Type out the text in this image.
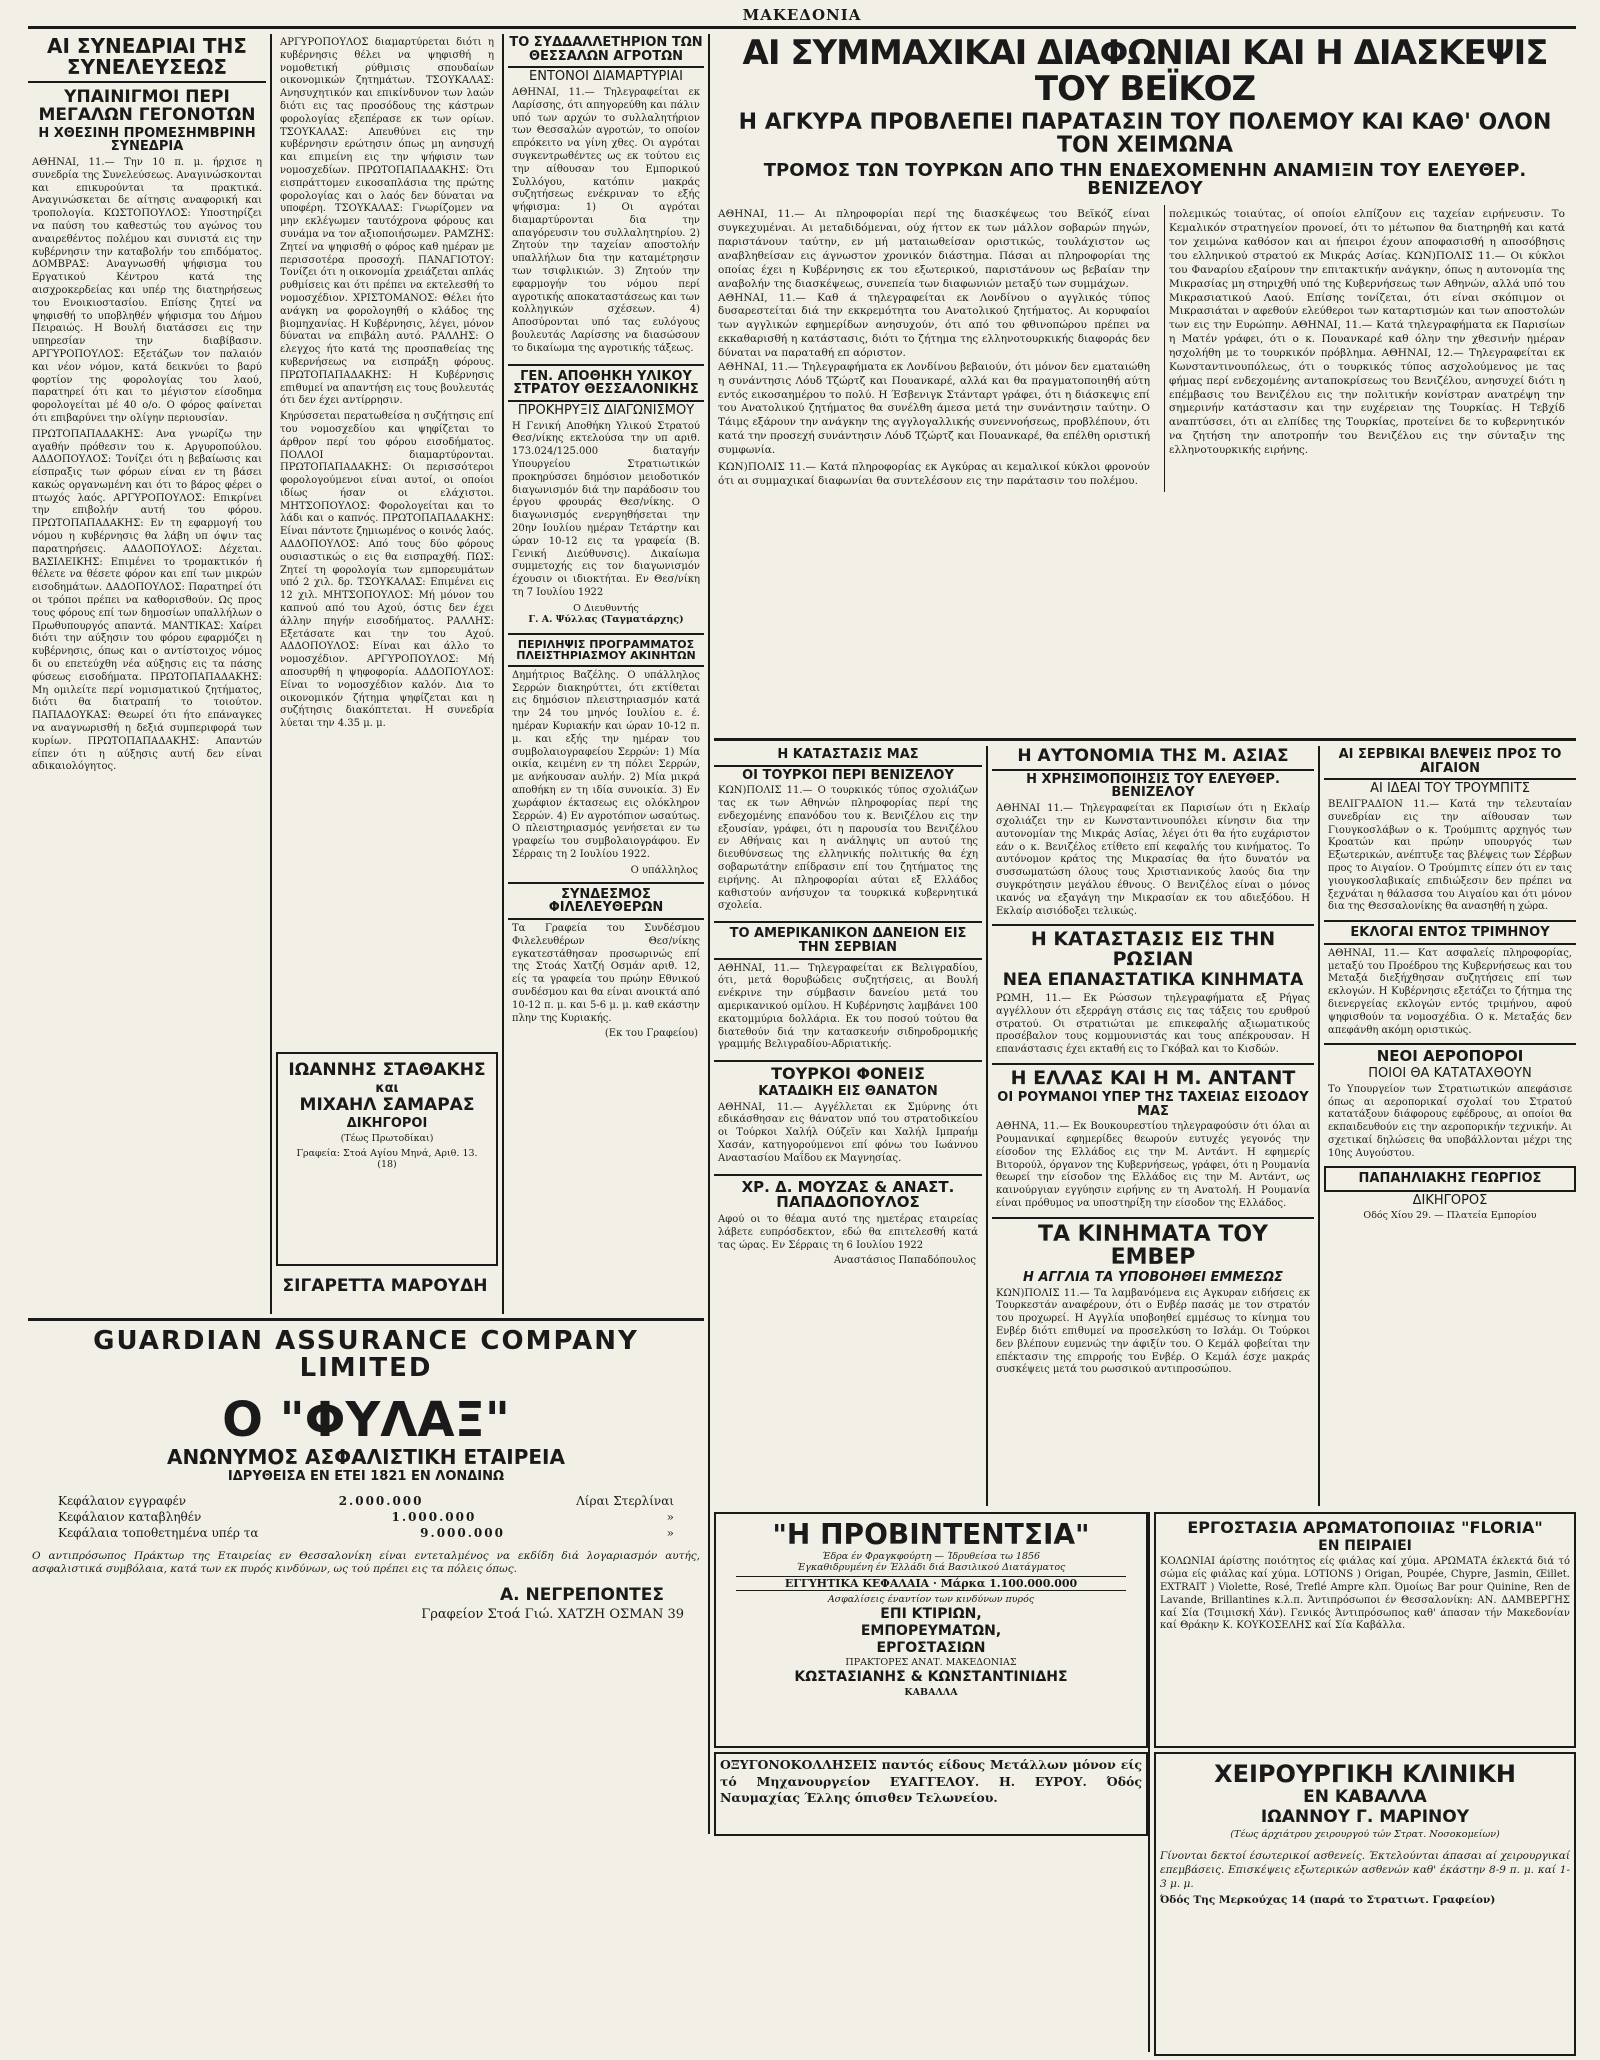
ΜΑΚΕΔΟΝΙΑ
ΑΙ ΣΥΝΕΔΡΙΑΙ ΤΗΣ ΣΥΝΕΛΕΥΣΕΩΣ
ΥΠΑΙΝΙΓΜΟΙ ΠΕΡΙ ΜΕΓΑΛΩΝ ΓΕΓΟΝΟΤΩΝ
Η ΧΘΕΣΙΝΗ ΠΡΟΜΕΣΗΜΒΡΙΝΗ ΣΥΝΕΔΡΙΑ
ΑΘΗΝΑΙ, 11.— Την 10 π. μ. ήρχισε η συνεδρία της Συνελεύσεως. Αναγινώσκονται και επικυρούνται τα πρακτικά. Αναγινώσκεται δε αίτησις αναφορική και τροπολογία. ΚΩΣΤΟΠΟΥΛΟΣ: Υποστηρίζει να παύση του καθεστώς του αγώνος του αναιρεθέντος πολέμου και συνιστά εις την κυβέρνησιν την καταβολήν του επιδόματος. ΔΟΜΒΡΑΣ: Αναγνωσθή ψήφισμα του Εργατικού Κέντρου κατά της αισχροκερδείας και υπέρ της διατηρήσεως του Ενοικιοστασίου. Επίσης ζητεί να ψηφισθή το υποβληθέν ψήφισμα του Δήμου Πειραιώς. Η Βουλή διατάσσει εις την υπηρεσίαν την διαβίβασιν. ΑΡΓΥΡΟΠΟΥΛΟΣ: Εξετάζων τον παλαιόν και νέον νόμον, κατά δεικνύει το βαρύ φορτίον της φορολογίας του λαού, παρατηρεί ότι και το μέγιστον είσοδημα φορολογείται μέ 40 ο/ο. Ο φόρος φαίνεται ότι επιβαρύνει την ολίγην περιουσίαν.
ΠΡΩΤΟΠΑΠΑΔΑΚΗΣ: Ανα γνωρίζω την αγαθήν πρόθεσιν του κ. Αργυροπούλου. ΑΔΔΟΠΟΥΛΟΣ: Τονίζει ότι η βεβαίωσις και είσπραξις των φόρων είναι εν τη βάσει κακώς οργανωμένη και ότι το βάρος φέρει ο πτωχός λαός. ΑΡΓΥΡΟΠΟΥΛΟΣ: Επικρίνει την επιβολήν αυτή του φόρου. ΠΡΩΤΟΠΑΠΑΔΑΚΗΣ: Εν τη εφαρμογή του νόμου η κυβέρνησις θα λάβη υπ όψιν τας παρατηρήσεις. ΑΔΔΟΠΟΥΛΟΣ: Δέχεται. ΒΑΣΙΛΕΙΚΗΣ: Επιμένει το τρομακτικόν ή θέλετε να θέσετε φόρον και επί των μικρών εισοδημάτων. ΔΑΔΟΠΟΥΛΟΣ: Παρατηρεί ότι οι τρόποι πρέπει να καθορισθούν. Ως προς τους φόρους επί των δημοσίων υπαλλήλων ο Πρωθυπουργός απαντά. ΜΑΝΤΙΚΑΣ: Χαίρει διότι την αύξησιν του φόρου εφαρμόζει η κυβέρνησις, όπως και ο αντίστοιχος νόμος δι ου επετεύχθη νέα αύξησις εις τα πάσης φύσεως εισοδήματα. ΠΡΩΤΟΠΑΠΑΔΑΚΗΣ: Μη ομιλείτε περί νομισματικού ζητήματος, διότι θα διατραπή το τοιούτον. ΠΑΠΑΔΟΥΚΑΣ: Θεωρεί ότι ήτο επάναγκες να αναγνωρισθή η δεξιά συμπεριφορά των κυρίων. ΠΡΩΤΟΠΑΠΑΔΑΚΗΣ: Απαντών είπεν ότι η αύξησις αυτή δεν είναι αδικαιολόγητος.
ΑΡΓΥΡΟΠΟΥΛΟΣ διαμαρτύρεται διότι η κυβέρνησις θέλει να ψηφισθή η νομοθετική ρύθμισις σπουδαίων οικονομικών ζητημάτων. ΤΣΟΥΚΑΛΑΣ: Ανησυχητικόν και επικίνδυνον των λαών διότι εις τας προσόδους της κάστρων φορολογίας εξεπέρασε εκ των ορίων. ΤΣΟΥΚΑΛΑΣ: Απευθύνει εις την κυβέρνησιν ερώτησιν όπως μη ανησυχή και επιμείνη εις την ψήφισιν των νομοσχεδίων. ΠΡΩΤΟΠΑΠΑΔΑΚΗΣ: Ότι εισπράττομεν εικοσαπλάσια της πρώτης φορολογίας και ο λαός δεν δύναται να υποφέρη. ΤΣΟΥΚΑΛΑΣ: Γνωρίζομεν να μην εκλέγωμεν ταυτόχρονα φόρους και συνάμα να τον αξιοποιήσωμεν. ΡΑΜΖΗΣ: Ζητεί να ψηφισθή ο φόρος καθ ημέραν με περισσοτέρα προσοχή. ΠΑΝΑΓΙΟΤΟΥ: Τονίζει ότι η οικονομία χρειάζεται απλάς ρυθμίσεις και ότι πρέπει να εκτελεσθή το νομοσχέδιον. ΧΡΙΣΤΟΜΑΝΟΣ: Θέλει ήτο ανάγκη να φορολογηθή ο κλάδος της βιομηχανίας. Η Κυβέρνησις, λέγει, μόνον δύναται να επιβάλη αυτό. ΡΑΛΛΗΣ: Ο ελεγχος ήτο κατά της προσπαθείας της κυβερνήσεως να εισπράξη φόρους. ΠΡΩΤΟΠΑΠΑΔΑΚΗΣ: Η Κυβέρνησις επιθυμεί να απαντήση εις τους βουλευτάς ότι δεν έχει αντίρρησιν.
Κηρύσσεται περατωθείσα η συζήτησις επί του νομοσχεδίου και ψηφίζεται το άρθρον περί του φόρου εισοδήματος. ΠΟΛΛΟΙ διαμαρτύρονται. ΠΡΩΤΟΠΑΠΑΔΑΚΗΣ: Οι περισσότεροι φορολογούμενοι είναι αυτοί, οι οποίοι ιδίως ήσαν οι ελάχιστοι. ΜΗΤΣΟΠΟΥΛΟΣ: Φορολογείται και το λάδι και ο καπνός. ΠΡΩΤΟΠΑΠΑΔΑΚΗΣ: Είναι πάντοτε ζημιωμένος ο κοινός λαός. ΑΔΔΟΠΟΥΛΟΣ: Από τους δύο φόρους ουσιαστικώς ο εις θα εισπραχθή. ΠΩΣ: Ζητεί τη φορολογία των εμπορευμάτων υπό 2 χιλ. δρ. ΤΣΟΥΚΑΛΑΣ: Επιμένει εις 12 χιλ. ΜΗΤΣΟΠΟΥΛΟΣ: Μή μόνον του καπνού από του Αχού, όστις δεν έχει άλλην πηγήν εισοδήματος. ΡΑΛΛΗΣ: Εξετάσατε και την του Αχού. ΑΔΔΟΠΟΥΛΟΣ: Είναι και άλλο το νομοσχέδιον. ΑΡΓΥΡΟΠΟΥΛΟΣ: Μή αποσυρθή η ψηφοφορία. ΑΔΔΟΠΟΥΛΟΣ: Είναι το νομοσχέδιον καλόν. Δια το οικονομικόν ζήτημα ψηφίζεται και η συζήτησις διακόπτεται. Η συνεδρία λύεται την 4.35 μ. μ.
ΙΩΑΝΝΗΣ ΣΤΑΘΑΚΗΣ
και
ΜΙΧΑΗΛ ΣΑΜΑΡΑΣ
ΔΙΚΗΓΟΡΟΙ
(Τέως Πρωτοδίκαι)
Γραφεία: Στοά Αγίου Μηνά, Αριθ. 13.
(18)
ΣΙΓΑΡΕΤΤΑ ΜΑΡΟΥΔΗ
ΤΟ ΣΥΔΔΑΛΛΕΤΗΡΙΟΝ ΤΩΝ ΘΕΣΣΑΛΩΝ ΑΓΡΟΤΩΝ
ΕΝΤΟΝΟΙ ΔΙΑΜΑΡΤΥΡΙΑΙ
ΑΘΗΝΑΙ, 11.— Τηλεγραφείται εκ Λαρίσσης, ότι απηγορεύθη και πάλιν υπό των αρχών το συλλαλητήριον των Θεσσαλών αγροτών, το οποίον επρόκειτο να γίνη χθες. Οι αγρόται συγκεντρωθέντες ως εκ τούτου εις την αίθουσαν του Εμπορικού Συλλόγου, κατόπιν μακράς συζητήσεως ενέκριναν το εξής ψήφισμα: 1) Οι αγρόται διαμαρτύρονται δια την απαγόρευσιν του συλλαλητηρίου. 2) Ζητούν την ταχείαν αποστολήν υπαλλήλων δια την καταμέτρησιν των τσιφλικιών. 3) Ζητούν την εφαρμογήν του νόμου περί αγροτικής αποκαταστάσεως και των κολληγικών σχέσεων. 4) Αποσύρονται υπό τας ευλόγους βουλευτάς Λαρίσσης να διασώσουν το δικαίωμα της αγροτικής τάξεως.
ΓΕΝ. ΑΠΟΘΗΚΗ ΥΛΙΚΟΥ ΣΤΡΑΤΟΥ ΘΕΣΣΑΛΟΝΙΚΗΣ
ΠΡΟΚΗΡΥΞΙΣ ΔΙΑΓΩΝΙΣΜΟΥ
Η Γενική Αποθήκη Υλικού Στρατού Θεσ/νίκης εκτελούσα την υπ αριθ. 173.024/125.000 διαταγήν Υπουργείου Στρατιωτικών προκηρύσσει δημόσιον μειοδοτικόν διαγωνισμόν διά την παράδοσιν του έργου φρουράς Θεσ/νίκης. Ο διαγωνισμός ενεργηθήσεται την 20ην Ιουλίου ημέραν Τετάρτην και ώραν 10-12 εις τα γραφεία (Β. Γενική Διεύθυνσις). Δικαίωμα συμμετοχής εις τον διαγωνισμόν έχουσιν οι ιδιοκτήται. Εν Θεσ/νίκη τη 7 Ιουλίου 1922
Ο Διευθυντής
Γ. Α. Ψύλλας (Ταγματάρχης)
ΠΕΡΙΛΗΨΙΣ ΠΡΟΓΡΑΜΜΑΤΟΣ ΠΛΕΙΣΤΗΡΙΑΣΜΟΥ ΑΚΙΝΗΤΩΝ
Δημήτριος Βαζέλης. Ο υπάλληλος Σερρών διακηρύττει, ότι εκτίθεται εις δημόσιον πλειστηριασμόν κατά την 24 του μηνός Ιουλίου ε. έ. ημέραν Κυριακήν και ώραν 10-12 π. μ. και εξής την ημέραν του συμβολαιογραφείου Σερρών: 1) Μία οικία, κειμένη εν τη πόλει Σερρών, με ανήκουσαν αυλήν. 2) Μία μικρά αποθήκη εν τη ιδία συνοικία. 3) Εν χωράφιον έκτασεως εις ολόκληρον Σερρών. 4) Εν αγροτόπιον ωσαύτως. Ο πλειστηριασμός γενήσεται εν τω γραφείω του συμβολαιογράφου. Εν Σέρραις τη 2 Ιουλίου 1922.
Ο υπάλληλος
ΣΥΝΔΕΣΜΟΣ ΦΙΛΕΛΕΥΘΕΡΩΝ
Τα Γραφεία του Συνδέσμου Φιλελευθέρων Θεσ/νίκης εγκατεστάθησαν προσωρινώς επί της Στοάς Χατζή Οσμάν αριθ. 12, είς τα γραφεία του πρώην Εθνικού συνδέσμου και θα είναι ανοικτά από 10-12 π. μ. και 5-6 μ. μ. καθ εκάστην πλην της Κυριακής.
(Εκ του Γραφείου)
ΑΙ ΣΥΜΜΑΧΙΚΑΙ ΔΙΑΦΩΝΙΑΙ ΚΑΙ Η ΔΙΑΣΚΕΨΙΣ ΤΟΥ ΒΕΪΚΟΖ
Η ΑΓΚΥΡΑ ΠΡΟΒΛΕΠΕΙ ΠΑΡΑΤΑΣΙΝ ΤΟΥ ΠΟΛΕΜΟΥ ΚΑΙ ΚΑΘ' ΟΛΟΝ ΤΟΝ ΧΕΙΜΩΝΑ
ΤΡΟΜΟΣ ΤΩΝ ΤΟΥΡΚΩΝ ΑΠΟ ΤΗΝ ΕΝΔΕΧΟΜΕΝΗΝ ΑΝΑΜΙΞΙΝ ΤΟΥ ΕΛΕΥΘΕΡ. ΒΕΝΙΖΕΛΟΥ
ΑΘΗΝΑΙ, 11.— Αι πληροφορίαι περί της διασκέψεως του Βεϊκόζ είναι συγκεχυμέναι. Αι μεταδιδόμεναι, ούχ ήττον εκ των μάλλον σοβαρών πηγών, παριστάνουν ταύτην, εν μή ματαιωθείσαν οριστικώς, τουλάχιστον ως αναβληθείσαν εις άγνωστον χρονικόν διάστημα. Πάσαι αι πληροφορίαι της οποίας έχει η Κυβέρνησις εκ του εξωτερικού, παριστάνουν ως βεβαίαν την αναβολήν της διασκέψεως, συνεπεία των διαφωνιών μεταξύ των συμμάχων.
ΑΘΗΝΑΙ, 11.— Καθ ά τηλεγραφείται εκ Λονδίνου ο αγγλικός τύπος δυσαρεστείται διά την εκκρεμότητα του Ανατολικού ζητήματος. Αι κορυφαίοι των αγγλικών εφημερίδων ανησυχούν, ότι από του φθινοπώρου πρέπει να εκκαθαρισθή η κατάστασις, διότι το ζήτημα της ελληνοτουρκικής διαφοράς δεν δύναται να παραταθή επ αόριστον.
ΑΘΗΝΑΙ, 11.— Τηλεγραφήματα εκ Λονδίνου βεβαιούν, ότι μόνον δεν εματαιώθη η συνάντησις Λόυδ Τζώρτζ και Πουανκαρέ, αλλά και θα πραγματοποιηθή αύτη εντός εικοσαημέρου το πολύ. Η Έσβενιγκ Στάνταρτ γράφει, ότι η διάσκεψις επί του Ανατολικού ζητήματος θα συνέλθη άμεσα μετά την συνάντησιν ταύτην. Ο Τάιμς εξάρουν την ανάγκην της αγγλογαλλικής συνεννοήσεως, προβλέπουν, ότι κατά την προσεχή συνάντησιν Λόυδ Τζώρτζ και Πουανκαρέ, θα επέλθη οριστική συμφωνία.
ΚΩΝ)ΠΟΛΙΣ 11.— Κατά πληροφορίας εκ Αγκύρας αι κεμαλικοί κύκλοι φρονούν ότι αι συμμαχικαί διαφωνίαι θα συντελέσουν εις την παράτασιν του πολέμου.
πολεμικώς τοιαύτας, οί οποίοι ελπίζουν εις ταχείαν ειρήνευσιν. Το Κεμαλικόν στρατηγείον προνοεί, ότι το μέτωπον θα διατηρηθή και κατά τον χειμώνα καθόσον και αι ήπειροι έχουν αποφασισθή η αποσόβησις του ελληνικού στρατού εκ Μικράς Ασίας. ΚΩΝ)ΠΟΛΙΣ 11.— Οι κύκλοι του Φαναρίου εξαίρουν την επιτακτικήν ανάγκην, όπως η αυτονομία της Μικρασίας μη στηριχθή υπό της Κυβερνήσεως των Αθηνών, αλλά υπό του Μικρασιατικού Λαού. Επίσης τονίζεται, ότι είναι σκόπιμον οι Μικρασιάται ν αφεθούν ελεύθεροι των καταρτισμών και των αποστολών των εις την Ευρώπην. ΑΘΗΝΑΙ, 11.— Κατά τηλεγραφήματα εκ Παρισίων η Ματέν γράφει, ότι ο κ. Πουανκαρέ καθ όλην την χθεσινήν ημέραν ησχολήθη με το τουρκικόν πρόβλημα. ΑΘΗΝΑΙ, 12.— Τηλεγραφείται εκ Κωνσταντινουπόλεως, ότι ο τουρκικός τύπος ασχολούμενος με τας φήμας περί ενδεχομένης ανταποκρίσεως του Βενιζέλου, ανησυχεί διότι η επέμβασις του Βενιζέλου εις την πολιτικήν κονίστραν ανατρέψη την σημερινήν κατάστασιν και την ευχέρειαν της Τουρκίας. Η Τεβχίδ αναπτύσσει, ότι αι ελπίδες της Τουρκίας, προτείνει δε το κυβερνητικόν να ζητήση την αποτροπήν του Βενιζέλου εις την σύνταξιν της ελληνοτουρκικής ειρήνης.
Η ΚΑΤΑΣΤΑΣΙΣ ΜΑΣ
ΟΙ ΤΟΥΡΚΟΙ ΠΕΡΙ ΒΕΝΙΖΕΛΟΥ
ΚΩΝ)ΠΟΛΙΣ 11.— Ο τουρκικός τύπος σχολιάζων τας εκ των Αθηνών πληροφορίας περί της ενδεχομένης επανόδου του κ. Βενιζέλου εις την εξουσίαν, γράφει, ότι η παρουσία του Βενιζέλου εν Αθήναις και η ανάληψις υπ αυτού της διευθύνσεως της ελληνικής πολιτικής θα έχη σοβαρωτάτην επίδρασιν επί του ζητήματος της ειρήνης. Αι πληροφορίαι αύται εξ Ελλάδος καθιστούν ανήσυχον τα τουρκικά κυβερνητικά σχολεία.
ΤΟ ΑΜΕΡΙΚΑΝΙΚΟΝ ΔΑΝΕΙΟΝ ΕΙΣ ΤΗΝ ΣΕΡΒΙΑΝ
ΑΘΗΝΑΙ, 11.— Τηλεγραφείται εκ Βελιγραδίου, ότι, μετά θορυβώδεις συζητήσεις, αι Βουλή ενέκρινε την σύμβασιν δανείου μετά του αμερικανικού ομίλου. Η Κυβέρνησις λαμβάνει 100 εκατομμύρια δολλάρια. Εκ του ποσού τούτου θα διατεθούν διά την κατασκευήν σιδηροδρομικής γραμμής Βελιγραδίου-Αδριατικής.
ΤΟΥΡΚΟΙ ΦΟΝΕΙΣ
ΚΑΤΑΔΙΚΗ ΕΙΣ ΘΑΝΑΤΟΝ
ΑΘΗΝΑΙ, 11.— Αγγέλλεται εκ Σμύρνης ότι εδικάσθησαν εις θάνατον υπό του στρατοδικείου οι Τούρκοι Χαλήλ Ούζεϊν και Χαλήλ Ιμπραήμ Χασάν, κατηγορούμενοι επί φόνω του Ιωάννου Αναστασίου Μαΐδου εκ Μαγνησίας.
ΧΡ. Δ. ΜΟΥΖΑΣ & ΑΝΑΣΤ. ΠΑΠΑΔΟΠΟΥΛΟΣ
Αφού οι το θέαμα αυτό της ημετέρας εταιρείας λάβετε ευπρόσδεκτον, εδώ θα επιτελεσθή κατά τας ώρας. Εν Σέρραις τη 6 Ιουλίου 1922
Αναστάσιος Παπαδόπουλος
Η ΑΥΤΟΝΟΜΙΑ ΤΗΣ Μ. ΑΣΙΑΣ
Η ΧΡΗΣΙΜΟΠΟΙΗΣΙΣ ΤΟΥ ΕΛΕΥΘΕΡ. ΒΕΝΙΖΕΛΟΥ
ΑΘΗΝΑΙ 11.— Τηλεγραφείται εκ Παρισίων ότι η Εκλαίρ σχολιάζει την εν Κωνσταντινουπόλει κίνησιν δια την αυτονομίαν της Μικράς Ασίας, λέγει ότι θα ήτο ευχάριστον εάν ο κ. Βενιζέλος ετίθετο επί κεφαλής του κινήματος. Το αυτόνομον κράτος της Μικρασίας θα ήτο δυνατόν να συσσωματώση όλους τους Χριστιανικούς λαούς δια την συγκρότησιν μεγάλου έθνους. Ο Βενιζέλος είναι ο μόνος ικανός να εξαγάγη την Μικρασίαν εκ του αδιεξόδου. Η Εκλαίρ αισιόδοξει τελικώς.
Η ΚΑΤΑΣΤΑΣΙΣ ΕΙΣ ΤΗΝ ΡΩΣΙΑΝ
ΝΕΑ ΕΠΑΝΑΣΤΑΤΙΚΑ ΚΙΝΗΜΑΤΑ
ΡΩΜΗ, 11.— Εκ Ρώσσων τηλεγραφήματα εξ Ρήγας αγγέλλουν ότι εξερράγη στάσις εις τας τάξεις του ερυθρού στρατού. Οι στρατιώται με επικεφαλής αξιωματικούς προσέβαλον τους κομμουνιστάς και τους απέκρουσαν. Η επανάστασις έχει εκταθή εις το Γκόβαλ και το Κισδών.
Η ΕΛΛΑΣ ΚΑΙ Η Μ. ΑΝΤΑΝΤ
ΟΙ ΡΟΥΜΑΝΟΙ ΥΠΕΡ ΤΗΣ ΤΑΧΕΙΑΣ ΕΙΣΟΔΟΥ ΜΑΣ
ΑΘΗΝΑ, 11.— Εκ Βουκουρεστίου τηλεγραφούσιν ότι όλαι αι Ρουμανικαί εφημερίδες θεωρούν ευτυχές γεγονός την είσοδον της Ελλάδος εις την Μ. Αντάντ. Η εφημερίς Βιτορούλ, όργανον της Κυβερνήσεως, γράφει, ότι η Ρουμανία θεωρεί την είσοδον της Ελλάδος εις την Μ. Αντάντ, ως καινούργιαν εγγύησιν ειρήνης εν τη Ανατολή. Η Ρουμανία είναι πρόθυμος να υποστηρίξη την είσοδον της Ελλάδος.
ΤΑ ΚΙΝΗΜΑΤΑ ΤΟΥ ΕΜΒΕΡ
Η ΑΓΓΛΙΑ ΤΑ ΥΠΟΒΟΗΘΕΙ ΕΜΜΕΣΩΣ
ΚΩΝ)ΠΟΛΙΣ 11.— Τα λαμβανόμενα εις Αγκυραν ειδήσεις εκ Τουρκεστάν αναφέρουν, ότι ο Ενβέρ πασάς με τον στρατόν του προχωρεί. Η Αγγλία υποβοηθεί εμμέσως το κίνημα του Ενβέρ διότι επιθυμεί να προσελκύση το Ισλάμ. Οι Τούρκοι δεν βλέπουν ευμενώς την άφιξίν του. Ο Κεμάλ φοβείται την επέκτασιν της επιρροής του Ενβέρ. Ο Κεμάλ έσχε μακράς συσκέψεις μετά του ρωσσικού αντιπροσώπου.
ΑΙ ΣΕΡΒΙΚΑΙ ΒΛΕΨΕΙΣ ΠΡΟΣ ΤΟ ΑΙΓΑΙΟΝ
ΑΙ ΙΔΕΑΙ ΤΟΥ ΤΡΟΥΜΠΙΤΣ
ΒΕΛΙΓΡΑΔΙΟΝ 11.— Κατά την τελευταίαν συνεδρίαν εις την αίθουσαν των Γιουγκοσλάβων ο κ. Τρούμπιτς αρχηγός των Κροατών και πρώην υπουργός των Εξωτερικών, ανέπτυξε τας βλέψεις των Σέρβων προς το Αιγαίον. Ο Τρούμπιτς είπεν ότι εν ταις γιουγκοσλαβικαίς επιδιώξεσιν δεν πρέπει να ξεχνάται η θάλασσα του Αιγαίου και ότι μόνον δια της Θεσσαλονίκης θα ανασηθή η χώρα.
ΕΚΛΟΓΑΙ ΕΝΤΟΣ ΤΡΙΜΗΝΟΥ
ΑΘΗΝΑΙ, 11.— Κατ ασφαλείς πληροφορίας, μεταξύ του Προέδρου της Κυβερνήσεως και του Μεταξά διεξήχθησαν συζητήσεις επί των εκλογών. Η Κυβέρνησις εξετάζει το ζήτημα της διενεργείας εκλογών εντός τριμήνου, αφού ψηφισθούν τα νομοσχέδια. Ο κ. Μεταξάς δεν απεφάνθη ακόμη οριστικώς.
ΝΕΟΙ ΑΕΡΟΠΟΡΟΙ
ΠΟΙΟΙ ΘΑ ΚΑΤΑΤΑΧΘΟΥΝ
Το Υπουργείον των Στρατιωτικών απεφάσισε όπως αι αεροπορικαί σχολαί του Στρατού κατατάξουν διάφορους εφέδρους, αι οποίοι θα εκπαιδευθούν εις την αεροπορικήν τεχνικήν. Αι σχετικαί δηλώσεις θα υποβάλλονται μέχρι της 10ης Αυγούστου.
ΠΑΠΑΗΛΙΑΚΗΣ ΓΕΩΡΓΙΟΣ
ΔΙΚΗΓΟΡΟΣ
Οδός Χίου 29. — Πλατεία Εμπορίου
GUARDIAN ASSURANCE COMPANY LIMITED
Ο "ΦΥΛΑΞ"
ΑΝΩΝΥΜΟΣ ΑΣΦΑΛΙΣΤΙΚΗ ΕΤΑΙΡΕΙΑ
ΙΔΡΥΘΕΙΣΑ ΕΝ ΕΤΕΙ 1821 ΕΝ ΛΟΝΔΙΝΩ
Κεφάλαιον εγγραφέν	2.000.000	Λίραι Στερλίναι
Κεφάλαιον καταβληθέν	1.000.000	»
Κεφάλαια τοποθετημένα υπέρ τα	9.000.000	»
Ο αντιπρόσωπος Πράκτωρ της Εταιρείας εν Θεσσαλονίκη είναι εντεταλμένος να εκδίδη διά λογαριασμόν αυτής, ασφαλιστικά συμβόλαια, κατά των εκ πυρός κινδύνων, ως τού πρέπει εις τα πόλεις όπως.
Α. ΝΕΓΡΕΠΟΝΤΕΣ
Γραφείον Στοά Γιώ. ΧΑΤΖΗ ΟΣΜΑΝ 39
"Η ΠΡΟΒΙΝΤΕΝΤΣΙΑ"
Έδρα έν Φραγκφούρτη — Ίδρυθείσα τω 1856
Έγκαθιδρυμένη έν Έλλάδι διά Βασιλικού Διατάγματος
ΕΓΓΥΗΤΙΚΑ ΚΕΦΑΛΑΙΑ · Μάρκα 1.100.000.000
Ασφαλίσεις έναντίον των κινδύνων πυρός
ΕΠΙ ΚΤΙΡΙΩΝ,
ΕΜΠΟΡΕΥΜΑΤΩΝ,
ΕΡΓΟΣΤΑΣΙΩΝ
ΠΡΑΚΤΟΡΕΣ ΑΝΑΤ. ΜΑΚΕΔΟΝΙΑΣ
ΚΩΣΤΑΣΙΑΝΗΣ & ΚΩΝΣΤΑΝΤΙΝΙΔΗΣ
ΚΑΒΑΛΛΑ
ΟΞΥΓΟΝΟΚΟΛΛΗΣΕΙΣ παντός είδους Μετάλλων μόνον είς τό Μηχανουργείον ΕΥΑΓΓΕΛΟΥ. Η. ΕΥΡΟΥ. Όδός Ναυμαχίας Έλλης όπισθεν Τελωνείου.
ΕΡΓΟΣΤΑΣΙΑ ΑΡΩΜΑΤΟΠΟΙΙΑΣ "FLORIA"
ΕΝ ΠΕΙΡΑΙΕΙ
ΚΟΛΩΝΙΑΙ άρίστης ποιότητος είς φιάλας καί χύμα. ΑΡΩΜΑΤΑ έκλεκτά διά τό σώμα είς φιάλας καί χύμα. LOTIONS ) Origan, Poupée, Chypre, Jasmin, Œillet. EXTRAIT ) Violette, Rosé, Treflé Ampre κλπ. Όμοίως Bar pour Quinine, Ren de Lavande, Brillantines κ.λ.π. Άντιπρόσωποι έν Θεσσαλονίκη: ΑΝ. ΔΑΜΒΕΡΓΗΣ καί Σία (Τσιμισκή Χάν). Γενικός Άντιπρόσωπος καθ' άπασαν τήν Μακεδονίαν καί Θράκην Κ. ΚΟΥΚΟΣΕΛΗΣ καί Σία Καβάλλα.
ΧΕΙΡΟΥΡΓΙΚΗ ΚΛΙΝΙΚΗ
ΕΝ ΚΑΒΑΛΛΑ
ΙΩΑΝΝΟΥ Γ. ΜΑΡΙΝΟΥ
(Τέως άρχιάτρου χειρουργού τών Στρατ. Νοσοκομείων)
Γίνονται δεκτοί έσωτερικοί ασθενείς. Έκτελούνται άπασαι αί χειρουργικαί επεμβάσεις. Επισκέψεις εξωτερικών ασθενών καθ' έκάστην 8-9 π. μ. καί 1-3 μ. μ.
Όδός Της Μερκούχας 14 (παρά το Στρατιωτ. Γραφείον)
